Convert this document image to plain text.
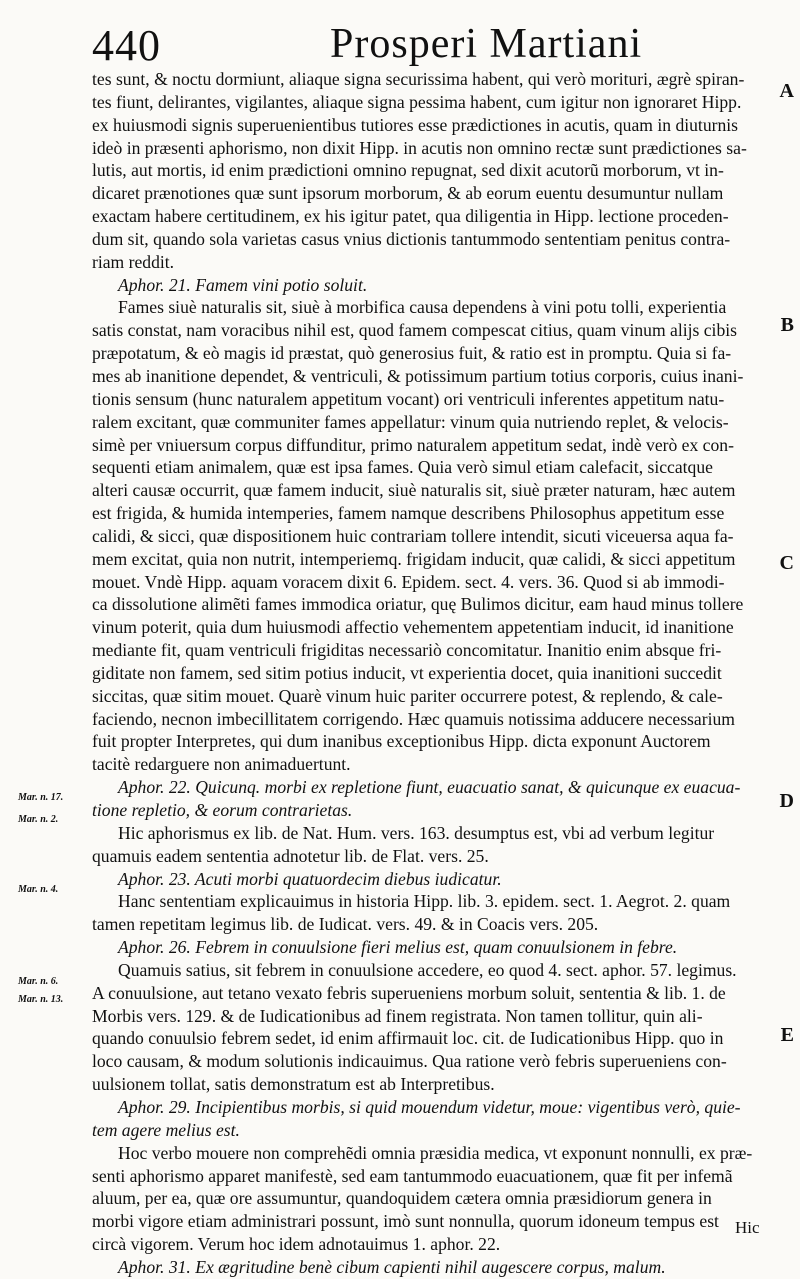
440	Prosperi Martiani
tes sunt, & noctu dormiunt, aliaque signa securissima habent, qui verò morituri, ægrè spiran-
tes fiunt, delirantes, vigilantes, aliaque signa pessima habent, cum igitur non ignoraret Hipp.
ex huiusmodi signis superuenientibus tutiores esse prædictiones in acutis, quam in diuturnis
ideò in præsenti aphorismo, non dixit Hipp. in acutis non omnino rectæ sunt prædictiones sa-
lutis, aut mortis, id enim prædictioni omnino repugnat, sed dixit acutorũ morborum, vt in-
dicaret prænotiones quæ sunt ipsorum morborum, & ab eorum euentu desumuntur nullam
exactam habere certitudinem, ex his igitur patet, qua diligentia in Hipp. lectione proceden-
dum sit, quando sola varietas casus vnius dictionis tantummodo sententiam penitus contra-
riam reddit.
Aphor. 21. Famem vini potio soluit.
Fames siuè naturalis sit, siuè à morbifica causa dependens à vini potu tolli, experientia
satis constat, nam voracibus nihil est, quod famem compescat citius, quam vinum alijs cibis
præpotatum, & eò magis id præstat, quò generosius fuit, & ratio est in promptu. Quia si fa-
mes ab inanitione dependet, & ventriculi, & potissimum partium totius corporis, cuius inani-
tionis sensum (hunc naturalem appetitum vocant) ori ventriculi inferentes appetitum natu-
ralem excitant, quæ communiter fames appellatur: vinum quia nutriendo replet, & velocis-
simè per vniuersum corpus diffunditur, primo naturalem appetitum sedat, indè verò ex con-
sequenti etiam animalem, quæ est ipsa fames. Quia verò simul etiam calefacit, siccatque
alteri causæ occurrit, quæ famem inducit, siuè naturalis sit, siuè præter naturam, hæc autem
est frigida, & humida intemperies, famem namque describens Philosophus appetitum esse
calidi, & sicci, quæ dispositionem huic contrariam tollere intendit, sicuti viceuersa aqua fa-
mem excitat, quia non nutrit, intemperiemq. frigidam inducit, quæ calidi, & sicci appetitum
mouet. Vndè Hipp. aquam voracem dixit 6. Epidem. sect. 4. vers. 36. Quod si ab immodi-
ca dissolutione alimẽti fames immodica oriatur, quę Bulimos dicitur, eam haud minus tollere
vinum poterit, quia dum huiusmodi affectio vehementem appetentiam inducit, id inanitione
mediante fit, quam ventriculi frigiditas necessariò concomitatur. Inanitio enim absque fri-
giditate non famem, sed sitim potius inducit, vt experientia docet, quia inanitioni succedit
siccitas, quæ sitim mouet. Quarè vinum huic pariter occurrere potest, & replendo, & cale-
faciendo, necnon imbecillitatem corrigendo. Hæc quamuis notissima adducere necessarium
fuit propter Interpretes, qui dum inanibus exceptionibus Hipp. dicta exponunt Auctorem
tacitè redarguere non animaduertunt.
Aphor. 22. Quicunq. morbi ex repletione fiunt, euacuatio sanat, & quicunque ex euacua-
tione repletio, & eorum contrarietas.
Hic aphorismus ex lib. de Nat. Hum. vers. 163. desumptus est, vbi ad verbum legitur
quamuis eadem sententia adnotetur lib. de Flat. vers. 25.
Aphor. 23. Acuti morbi quatuordecim diebus iudicatur.
Hanc sententiam explicauimus in historia Hipp. lib. 3. epidem. sect. 1. Aegrot. 2. quam
tamen repetitam legimus lib. de Iudicat. vers. 49. & in Coacis vers. 205.
Aphor. 26. Febrem in conuulsione fieri melius est, quam conuulsionem in febre.
Quamuis satius, sit febrem in conuulsione accedere, eo quod 4. sect. aphor. 57. legimus.
A conuulsione, aut tetano vexato febris superueniens morbum soluit, sententia & lib. 1. de
Morbis vers. 129. & de Iudicationibus ad finem registrata. Non tamen tollitur, quin ali-
quando conuulsio febrem sedet, id enim affirmauit loc. cit. de Iudicationibus Hipp. quo in
loco causam, & modum solutionis indicauimus. Qua ratione verò febris superueniens con-
uulsionem tollat, satis demonstratum est ab Interpretibus.
Aphor. 29. Incipientibus morbis, si quid mouendum videtur, moue: vigentibus verò, quie-
tem agere melius est.
Hoc verbo mouere non comprehẽdi omnia præsidia medica, vt exponunt nonnulli, ex præ-
senti aphorismo apparet manifestè, sed eam tantummodo euacuationem, quæ fit per infemã
aluum, per ea, quæ ore assumuntur, quandoquidem cætera omnia præsidiorum genera in
morbi vigore etiam administrari possunt, imò sunt nonnulla, quorum idoneum tempus est
circà vigorem. Verum hoc idem adnotauimus 1. aphor. 22.
Aphor. 31. Ex ægritudine benè cibum capienti nihil augescere corpus, malum.
Hic
A
B
C
D
E
Mar. n. 17.
Mar. n. 2.
Mar. n. 4.
Mar. n. 6.
Mar. n. 13.
